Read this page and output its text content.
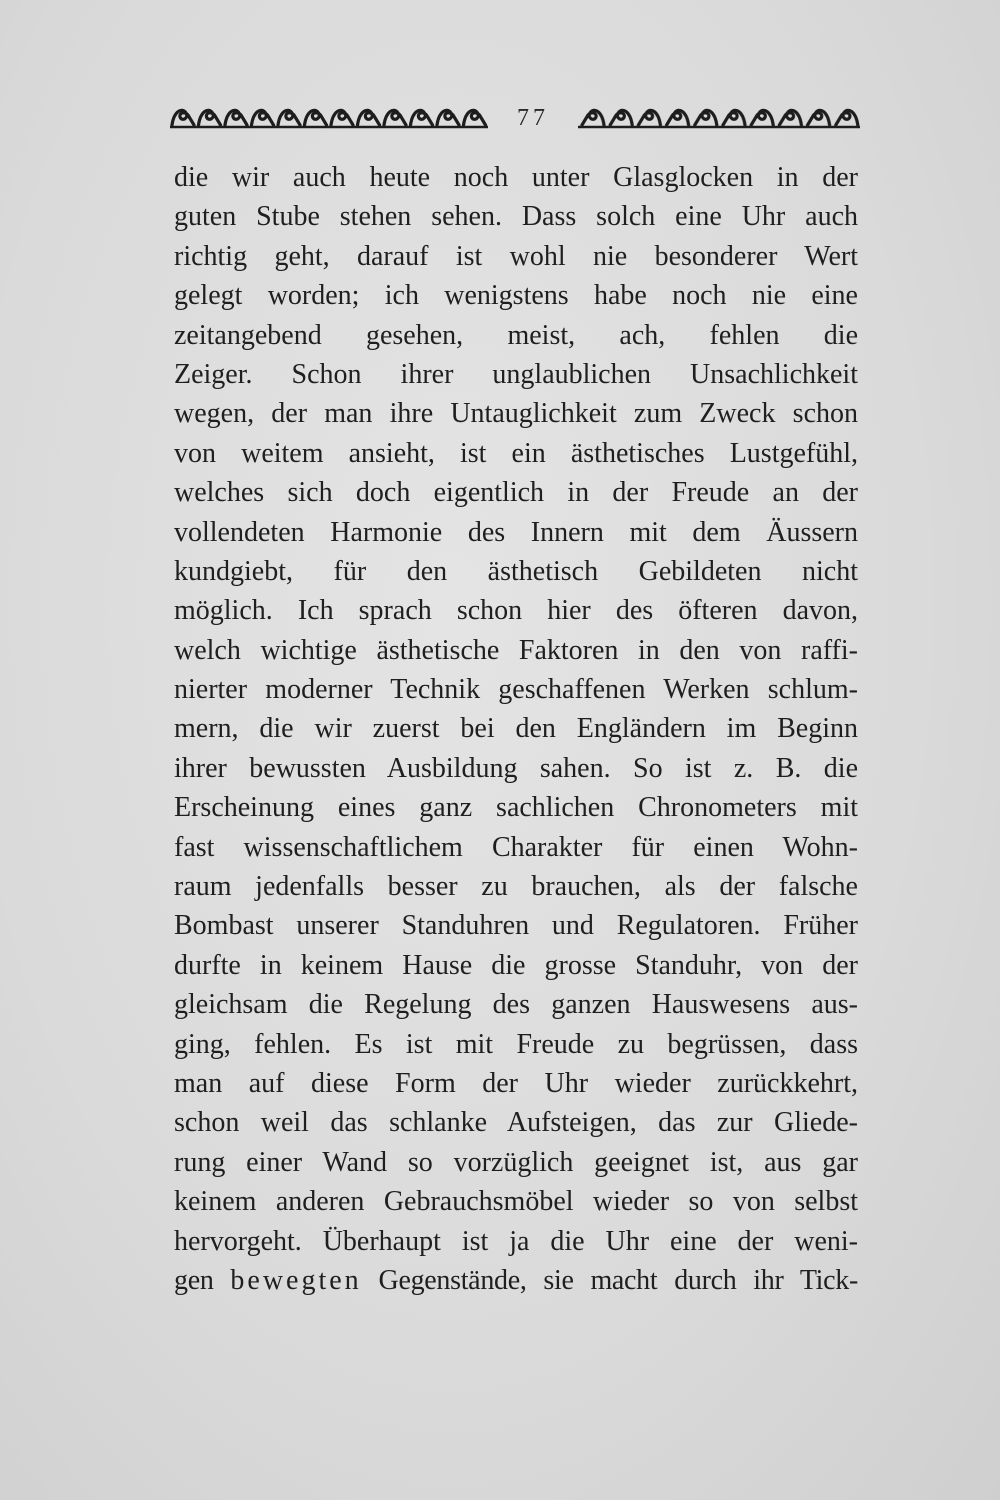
77
die wir auch heute noch unter Glasglocken in der
guten Stube stehen sehen. Dass solch eine Uhr auch
richtig geht, darauf ist wohl nie besonderer Wert
gelegt worden; ich wenigstens habe noch nie eine
zeitangebend gesehen, meist, ach, fehlen die
Zeiger. Schon ihrer unglaublichen Unsachlichkeit
wegen, der man ihre Untauglichkeit zum Zweck schon
von weitem ansieht, ist ein ästhetisches Lustgefühl,
welches sich doch eigentlich in der Freude an der
vollendeten Harmonie des Innern mit dem Äussern
kundgiebt, für den ästhetisch Gebildeten nicht
möglich. Ich sprach schon hier des öfteren davon,
welch wichtige ästhetische Faktoren in den von raffi-
nierter moderner Technik geschaffenen Werken schlum-
mern, die wir zuerst bei den Engländern im Beginn
ihrer bewussten Ausbildung sahen. So ist z. B. die
Erscheinung eines ganz sachlichen Chronometers mit
fast wissenschaftlichem Charakter für einen Wohn-
raum jedenfalls besser zu brauchen, als der falsche
Bombast unserer Standuhren und Regulatoren. Früher
durfte in keinem Hause die grosse Standuhr, von der
gleichsam die Regelung des ganzen Hauswesens aus-
ging, fehlen. Es ist mit Freude zu begrüssen, dass
man auf diese Form der Uhr wieder zurückkehrt,
schon weil das schlanke Aufsteigen, das zur Gliede-
rung einer Wand so vorzüglich geeignet ist, aus gar
keinem anderen Gebrauchsmöbel wieder so von selbst
hervorgeht. Überhaupt ist ja die Uhr eine der weni-
gen bewegten Gegenstände, sie macht durch ihr Tick-
